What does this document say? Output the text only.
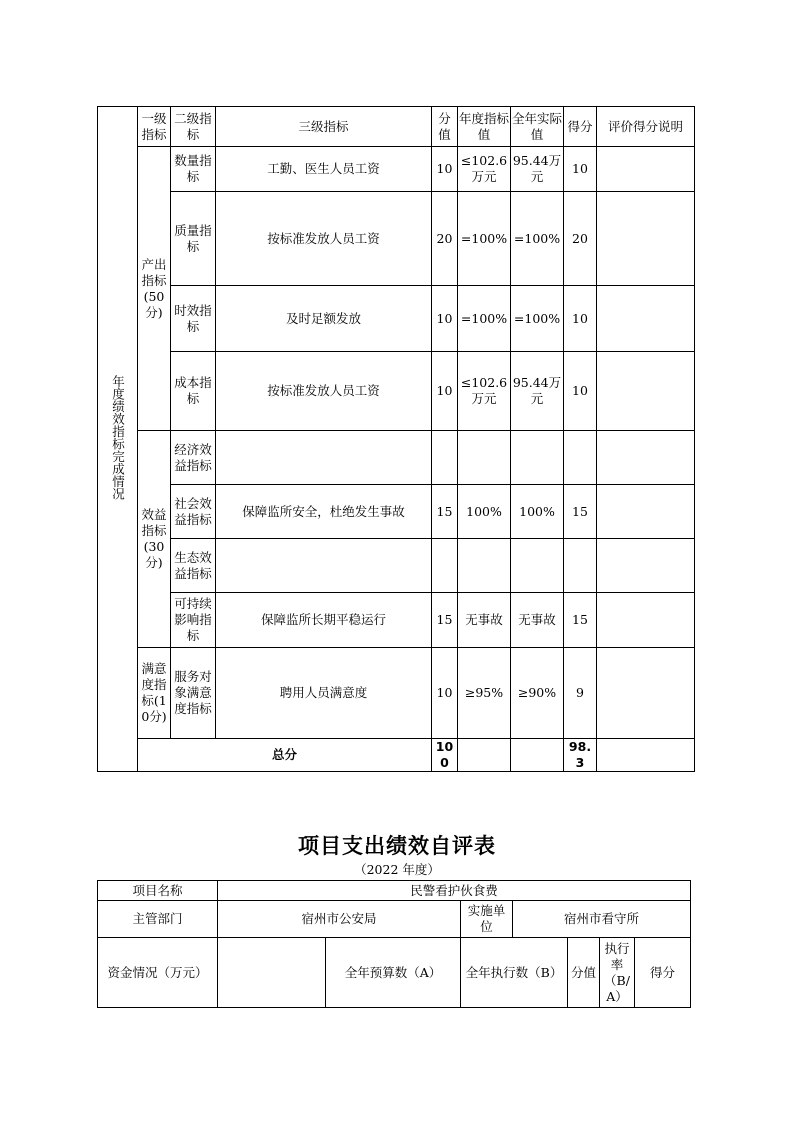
年度绩效指标完成情况	一级指标	二级指标	三级指标	分值	年度指标值	全年实际值	得分	评价得分说明
	产出指标(50分)	数量指标	工勤、医生人员工资	10	≤102.6万元	95.44万元	10	
		质量指标	按标准发放人员工资	20	=100%	=100%	20	
		时效指标	及时足额发放	10	=100%	=100%	10	
		成本指标	按标准发放人员工资	10	≤102.6万元	95.44万元	10	
	效益指标(30分)	经济效益指标						
		社会效益指标	保障监所安全，杜绝发生事故	15	100%	100%	15	
		生态效益指标						
		可持续影响指标	保障监所长期平稳运行	15	无事故	无事故	15	
	满意度指标(10分)	服务对象满意度指标	聘用人员满意度	10	≥95%	≥90%	9	
	总分			100			98.3	
项目支出绩效自评表
（2022 年度）
项目名称	民警看护伙食费						
主管部门	宿州市公安局		实施单位	宿州市看守所			
资金情况（万元）		全年预算数（A）	全年执行数（B）		分值	执行率（B/A）	得分
